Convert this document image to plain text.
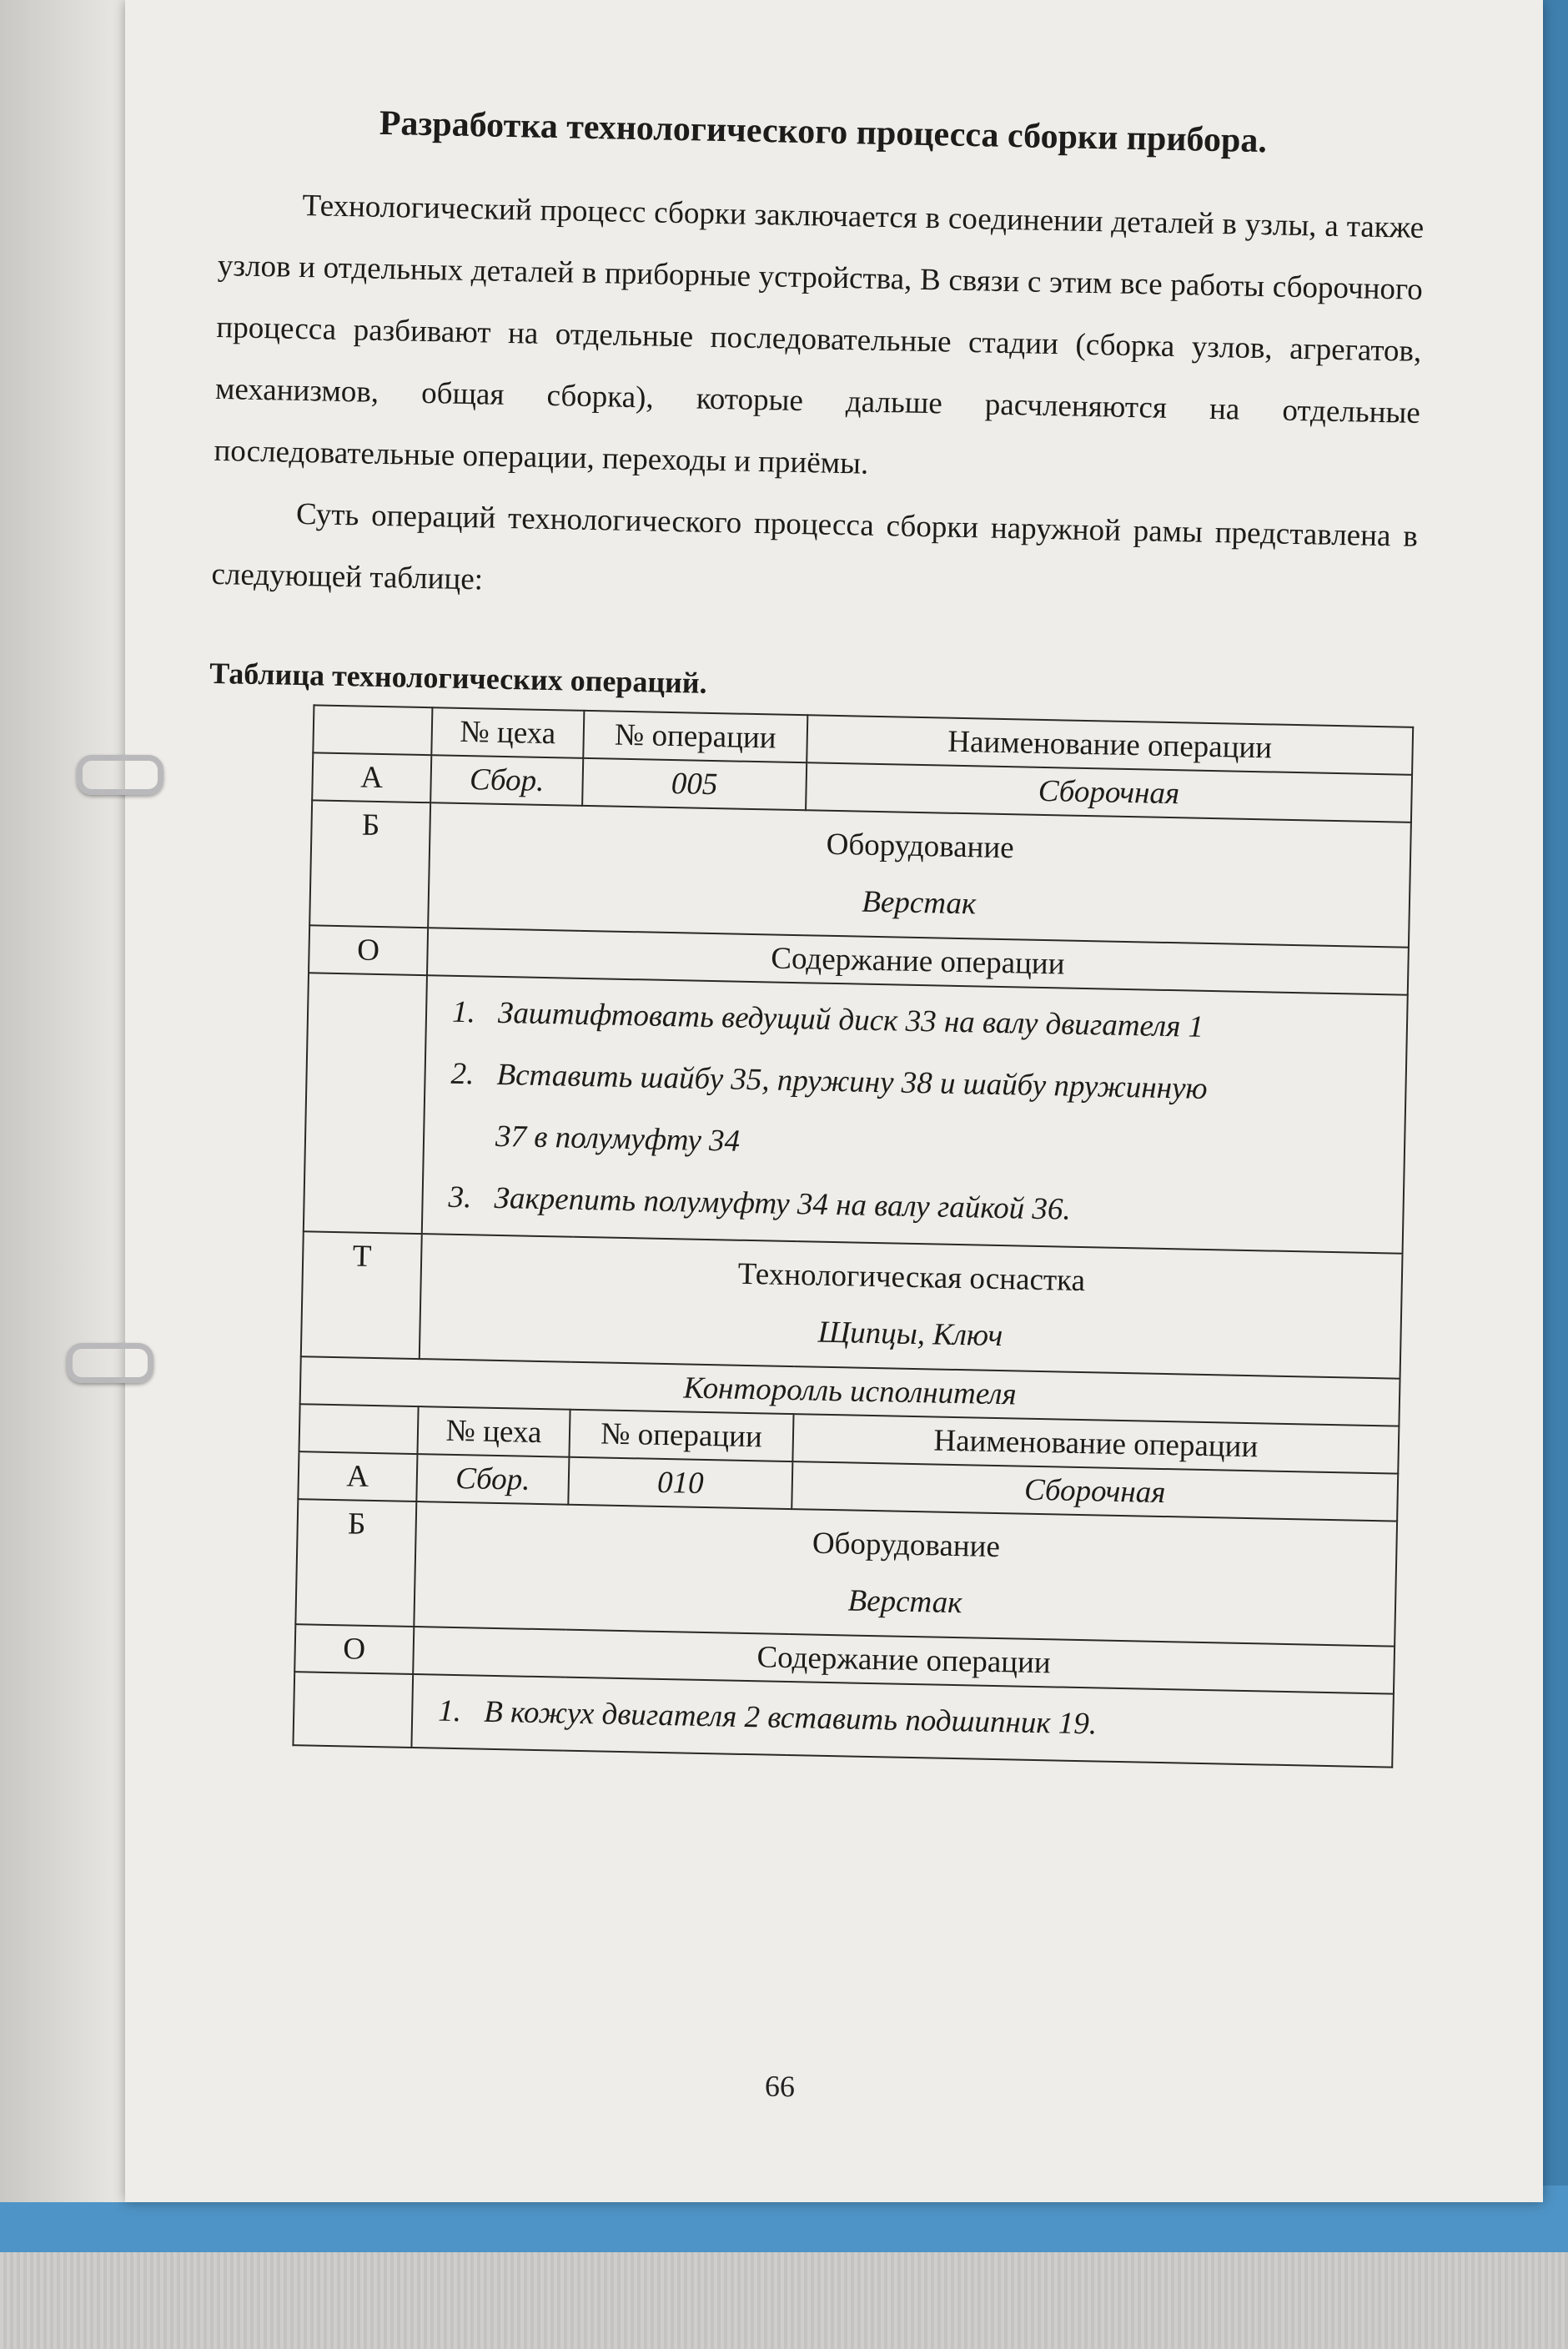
Разработка технологического процесса сборки прибора.

Технологический процесс сборки заключается в соединении деталей в узлы, а также узлов и отдельных деталей в приборные устройства, В связи с этим все работы сборочного процесса разбивают на отдельные последовательные стадии (сборка узлов, агрегатов, механизмов, общая сборка), которые дальше расчленяются на отдельные последовательные операции, переходы и приёмы.

Суть операций технологического процесса сборки наружной рамы представлена в следующей таблице:

Таблица технологических операций.
	№ цеха	№ операции	Наименование операции
А	Сбор.	005	Сборочная
Б	Оборудование
Верстак		

О	Содержание операции		

	1. Заштифтовать ведущий диск 33 на валу двигателя 1
2. Вставить шайбу 35, пружину 38 и шайбу пружинную
37 в полумуфту 34
3. Закрепить полумуфту 34 на валу гайкой 36.		

Т	Технологическая оснастка
Щипцы, Ключ		

Конторолль исполнителя			
	№ цеха	№ операции	Наименование операции
А	Сбор.	010	Сборочная
Б	Оборудование
Верстак		

О	Содержание операции		

	1. В кожух двигателя 2 вставить подшипник 19.		
66
